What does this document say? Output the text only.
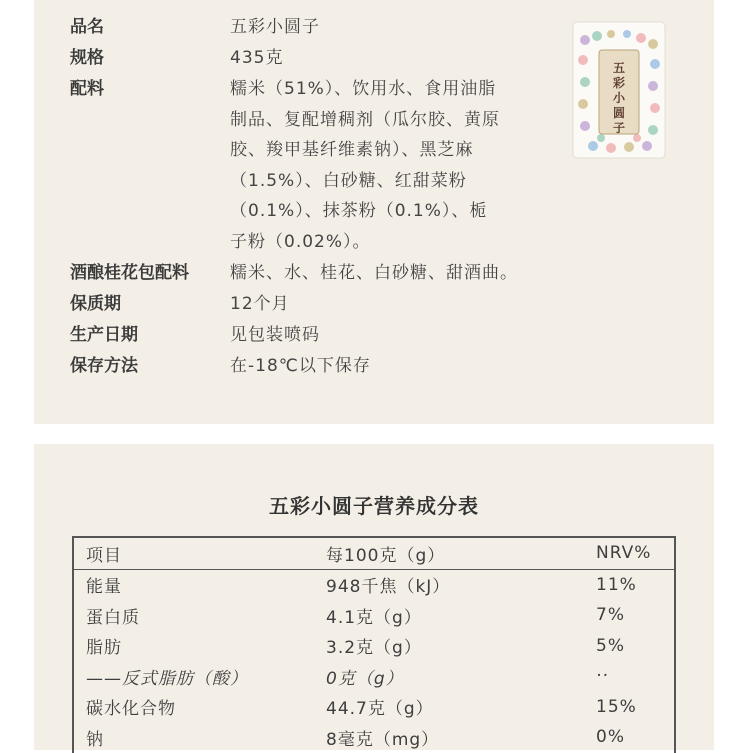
品名	五彩小圆子
规格	435克
配料	糯米（51%）、饮用水、食用油脂
制品、复配增稠剂（瓜尔胶、黄原
胶、羧甲基纤维素钠）、黑芝麻
（1.5%）、白砂糖、红甜菜粉
（0.1%）、抹茶粉（0.1%）、栀
子粉（0.02%）。
酒酿桂花包配料 糯米、水、桂花、白砂糖、甜酒曲。
保质期	12个月
生产日期	见包装喷码
保存方法	在-18℃以下保存
五
彩
小
圆
子
五彩小圆子营养成分表
项目	每100克（g）	NRV%
能量	948千焦（kJ）	11%
蛋白质	4.1克（g）	7%
脂肪	3.2克（g）	5%
——反式脂肪（酸）	0克（g）	··
碳水化合物	44.7克（g）	15%
钠	8毫克（mg）	0%
